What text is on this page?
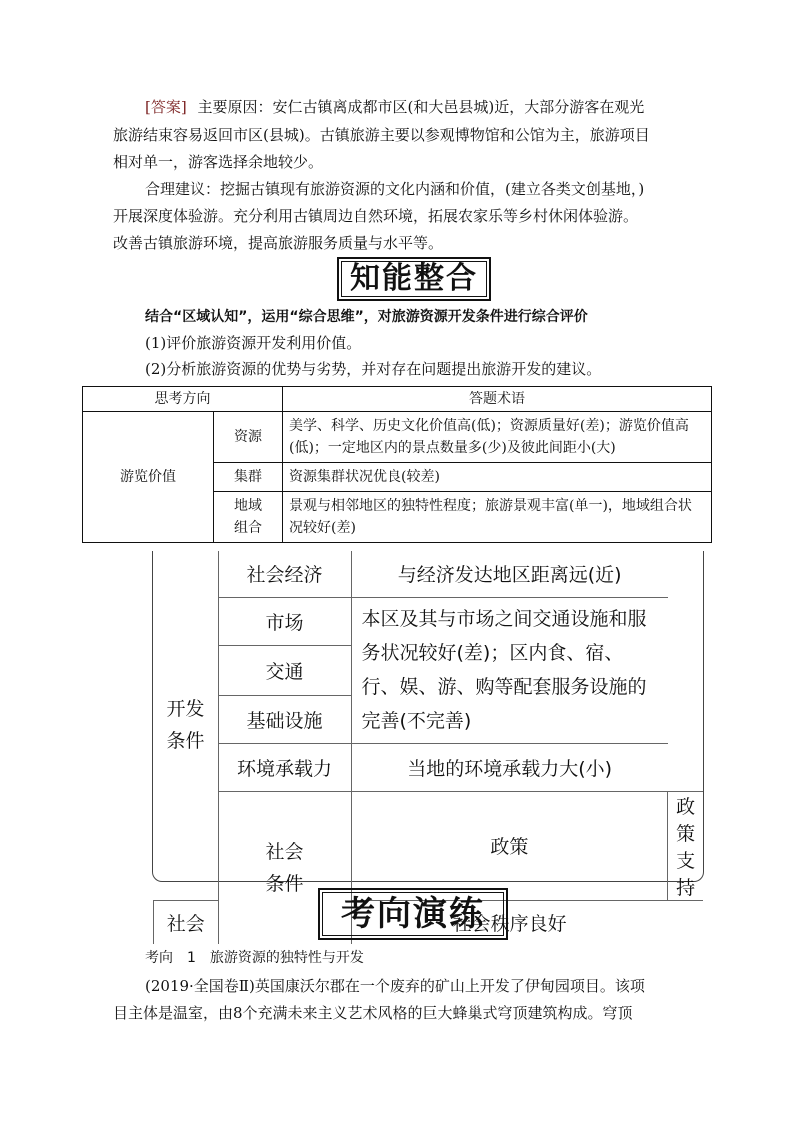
[答案] 主要原因：安仁古镇离成都市区(和大邑县城)近，大部分游客在观光
旅游结束容易返回市区(县城)。古镇旅游主要以参观博物馆和公馆为主，旅游项目
相对单一，游客选择余地较少。
合理建议：挖掘古镇现有旅游资源的文化内涵和价值，(建立各类文创基地，)
开展深度体验游。充分利用古镇周边自然环境，拓展农家乐等乡村休闲体验游。
改善古镇旅游环境，提高旅游服务质量与水平等。
知能整合
结合“区域认知”，运用“综合思维”，对旅游资源开发条件进行综合评价
(1)评价旅游资源开发利用价值。
(2)分析旅游资源的优势与劣势，并对存在问题提出旅游开发的建议。
思考方向		答题术语
游览价值	资源	美学、科学、历史文化价值高(低)；资源质量好(差)；游览价值高(低)；一定地区内的景点数量多(少)及彼此间距小(大)
	集群	资源集群状况优良(较差)
	地域组合	景观与相邻地区的独特性程度；旅游景观丰富(单一)，地域组合状况较好(差)
开发条件	社会经济	与经济发达地区距离远(近)	
	市场	本区及其与市场之间交通设施和服务状况较好(差)；区内食、宿、行、娱、游、购等配套服务设施的完善(不完善)	
	交通		
	基础设施		
	环境承载力	当地的环境承载力大(小)	

	社会条件	政策	政策支持
社会		社会秩序良好	
考向演练
考向　1　旅游资源的独特性与开发
(2019·全国卷Ⅱ)英国康沃尔郡在一个废弃的矿山上开发了伊甸园项目。该项
目主体是温室，由8个充满未来主义艺术风格的巨大蜂巢式穹顶建筑构成。穹顶
